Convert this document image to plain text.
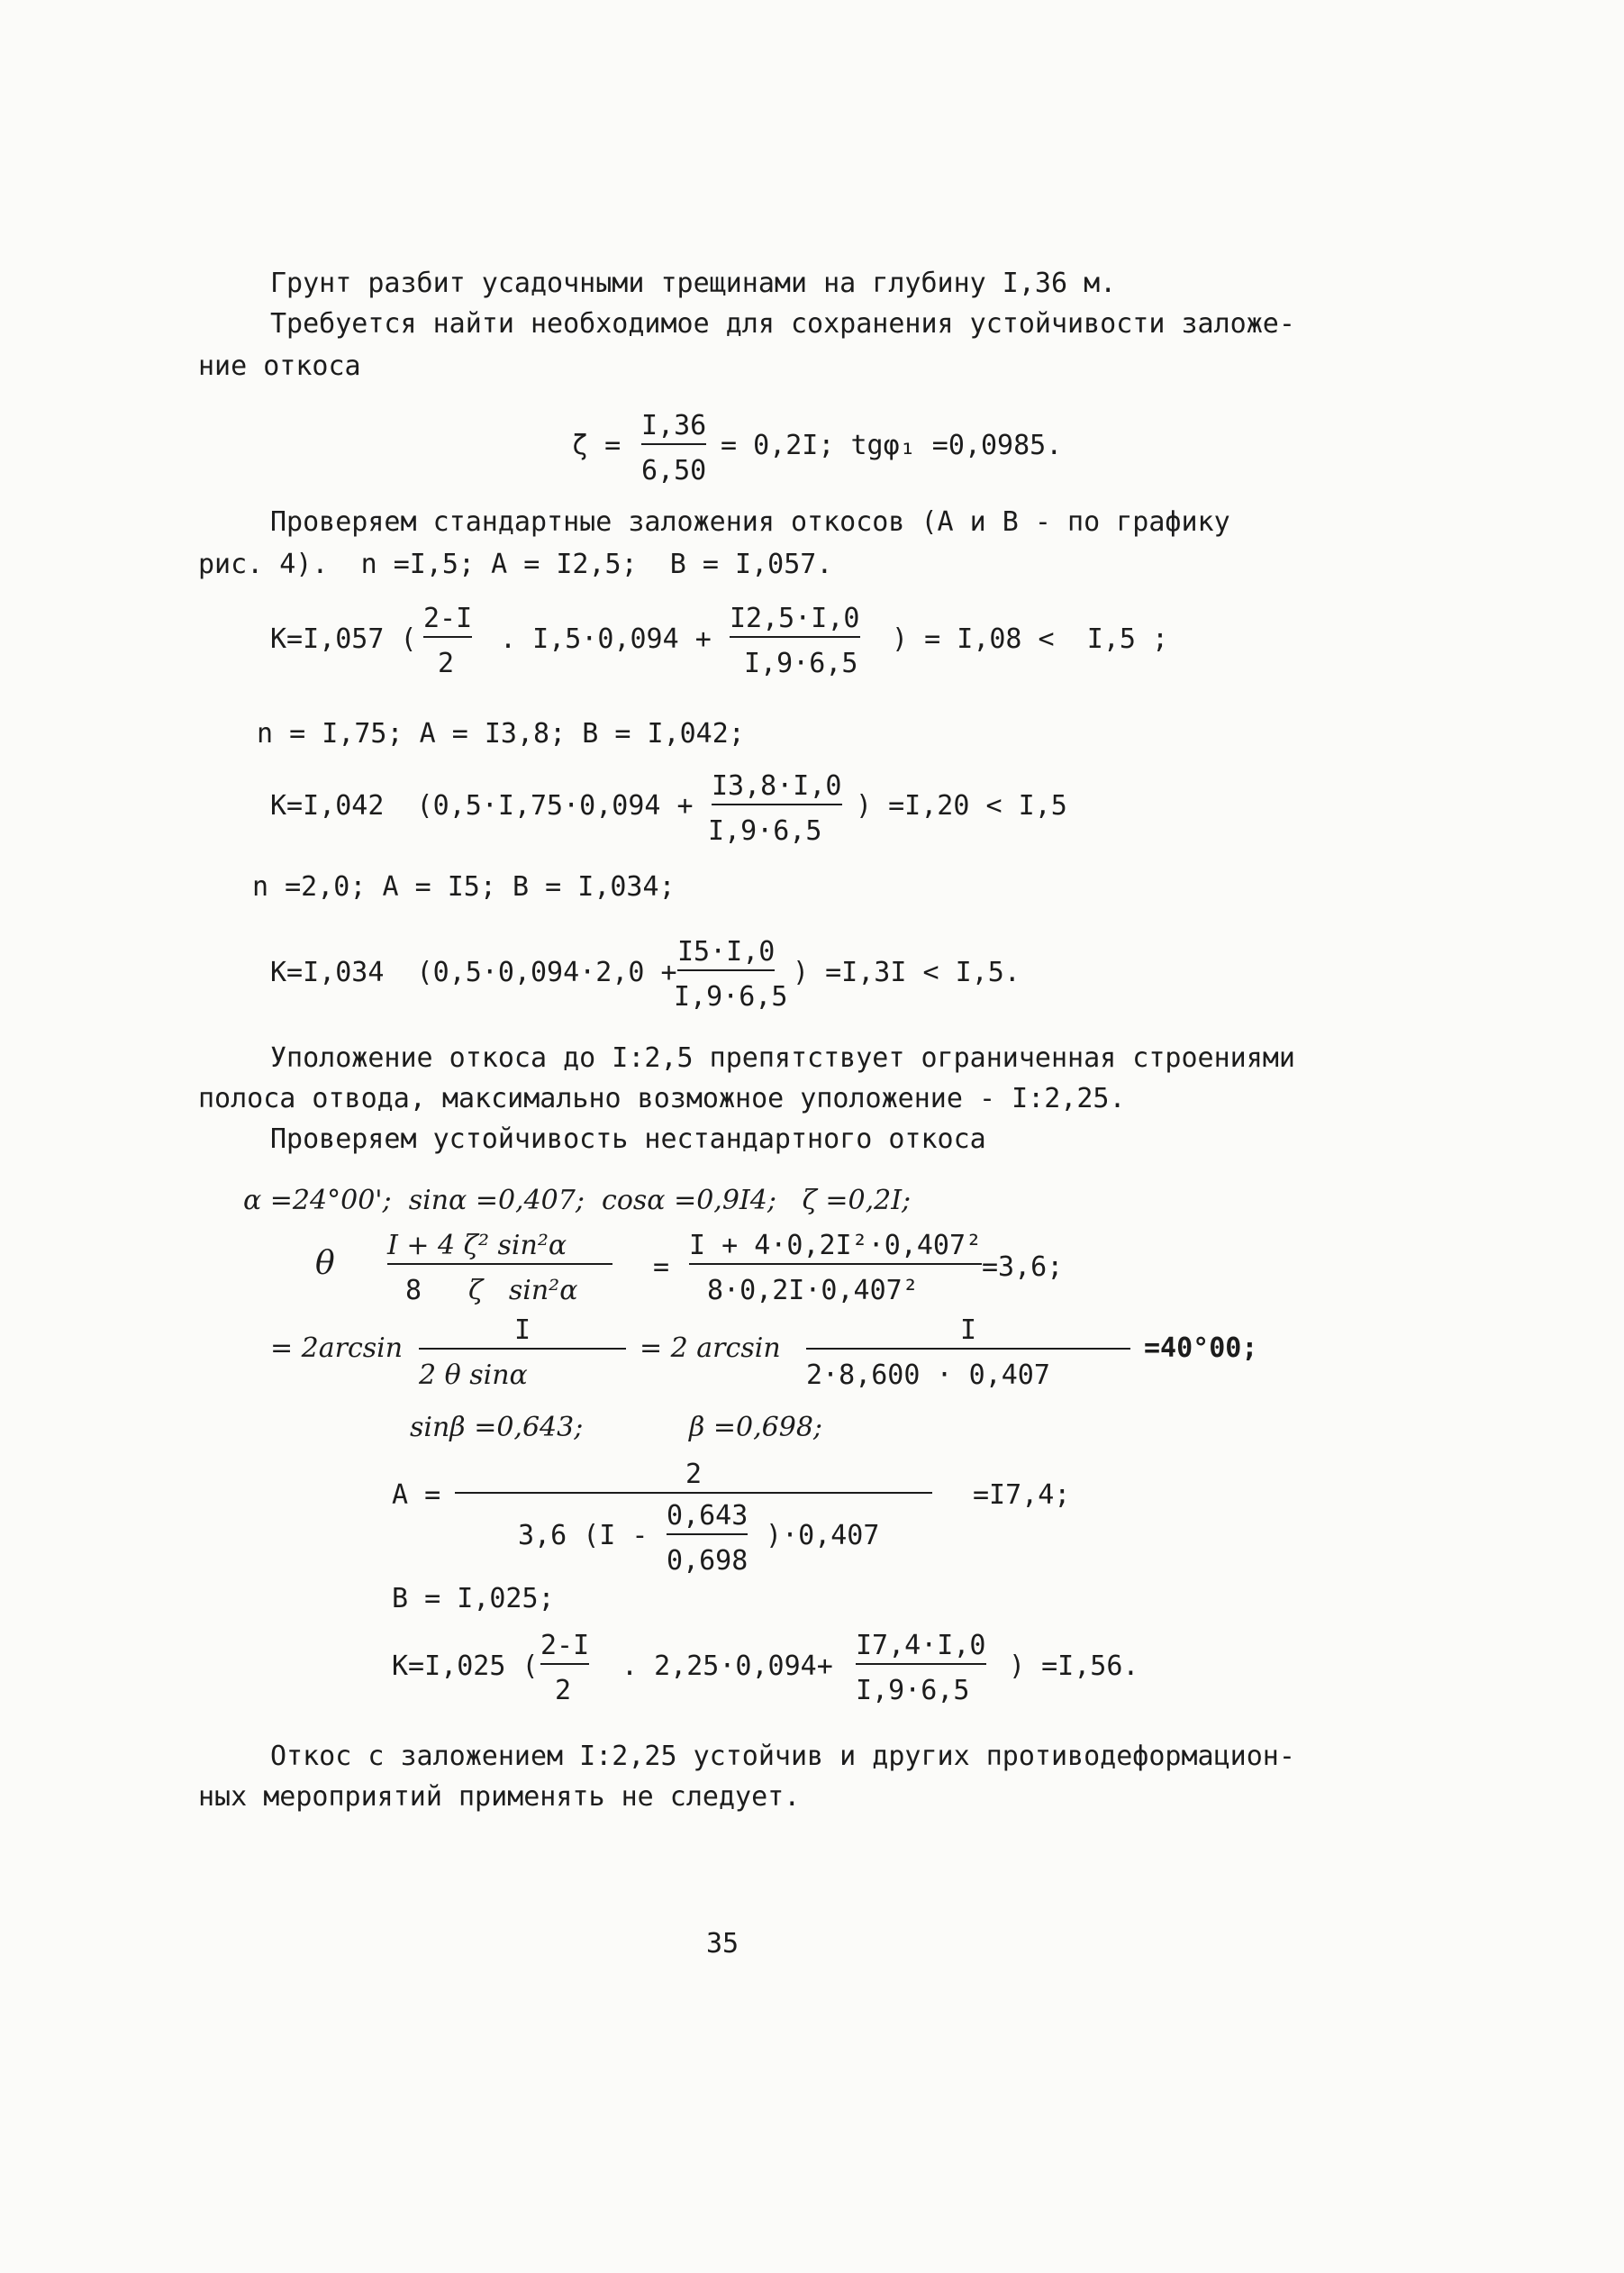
Грунт разбит усадочными трещинами на глубину I,36 м.
Требуется найти необходимое для сохранения устойчивости заложе-
ние откоса
ζ =
$\frac{I,36}{6,50}$
= 0,2I; tgφ₁ =0,0985.
Проверяем стандартные заложения откосов (А и В - по графику
рис. 4).  n =I,5; А = I2,5;  В = I,057.
K=I,057 (
$\frac{2-I}{2}$
. I,5·0,094 +
$\frac{I2,5\cdot I,0}{I,9\cdot 6,5}$
) = I,08 <  I,5 ;
n = I,75; А = I3,8; В = I,042;
K=I,042  (0,5·I,75·0,094 +
$\frac{I3,8\cdot I,0}{I,9\cdot 6,5}$
) =I,20 < I,5
n =2,0; А = I5; В = I,034;
K=I,034  (0,5·0,094·2,0 +
$\frac{I5\cdot I,0}{I,9\cdot 6,5}$
) =I,3I < I,5.
Уположение откоса до I:2,5 препятствует ограниченная строениями
полоса отвода, максимально возможное уположение - I:2,25.
Проверяем устойчивость нестандартного откоса
α =24°00';  sinα =0,407;  cosα =0,9I4;   ζ =0,2I;
θ I + 4 ζ² sin²α
8 ζ   sin²α
=
$\frac{\text{I + 4·0,2I²·0,407²}}{\text{8·0,2I·0,407²}}$
=3,6;
= 2arcsin
$\frac{I}{\text{2 θ sinα}}$
= 2 arcsin
$\frac{I}{2\cdot 8,600 \cdot 0,407}$
=40°00;
sinβ =0,643;	β =0,698;
A =
2
3,6 (I -
$\frac{0,643}{0,698}$
)·0,407
=I7,4;
В = I,025;
K=I,025 (
$\frac{2-I}{2}$
. 2,25·0,094+
$\frac{I7,4\cdot I,0}{I,9\cdot 6,5}$
) =I,56.
Откос с заложением I:2,25 устойчив и других противодеформацион-
ных мероприятий применять не следует.
35
